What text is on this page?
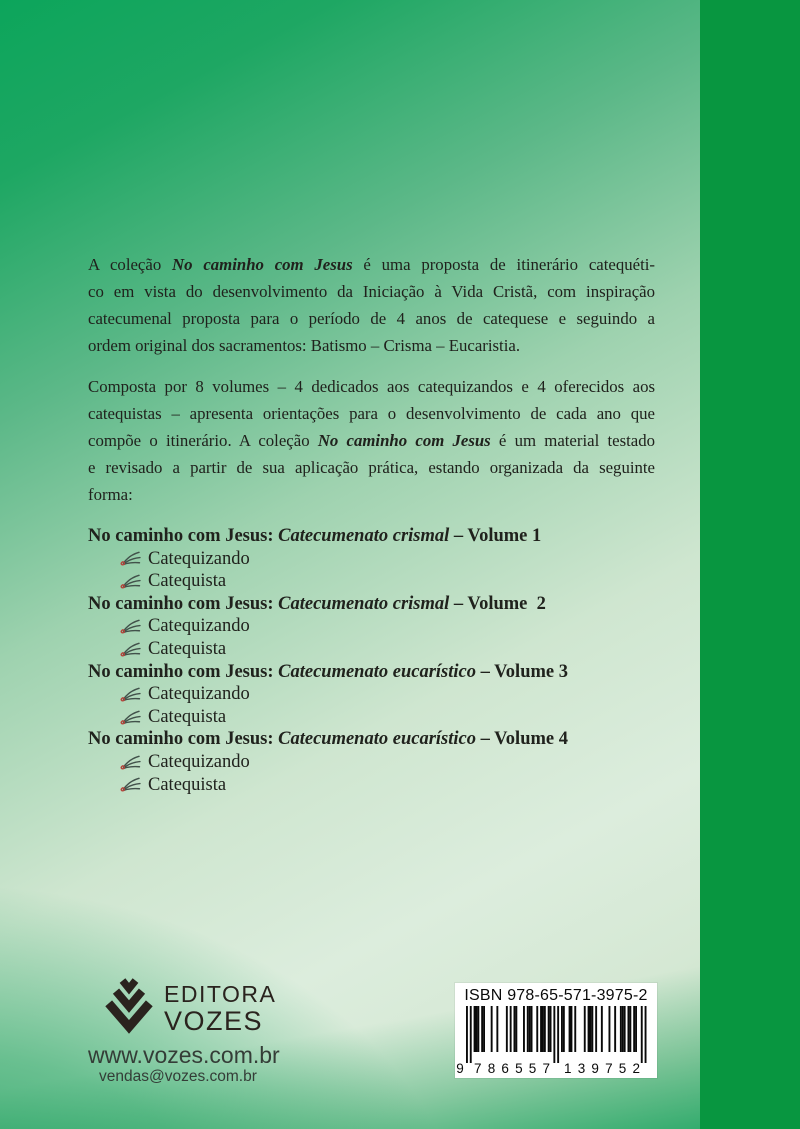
A coleção No caminho com Jesus é uma proposta de itinerário catequéti-
co em vista do desenvolvimento da Iniciação à Vida Cristã, com inspiração
catecumenal proposta para o período de 4 anos de catequese e seguindo a
ordem original dos sacramentos: Batismo – Crisma – Eucaristia.
Composta por 8 volumes – 4 dedicados aos catequizandos e 4 oferecidos aos
catequistas – apresenta orientações para o desenvolvimento de cada ano que
compõe o itinerário. A coleção No caminho com Jesus é um material testado
e revisado a partir de sua aplicação prática, estando organizada da seguinte
forma:
No caminho com Jesus: Catecumenato crismal – Volume 1
Catequizando
Catequista
No caminho com Jesus: Catecumenato crismal – Volume  2
Catequizando
Catequista
No caminho com Jesus: Catecumenato eucarístico – Volume 3
Catequizando
Catequista
No caminho com Jesus: Catecumenato eucarístico – Volume 4
Catequizando
Catequista
EDITORA
VOZES
www.vozes.com.br
vendas@vozes.com.br
ISBN 978-65-571-3975-2
9 786557 139752
